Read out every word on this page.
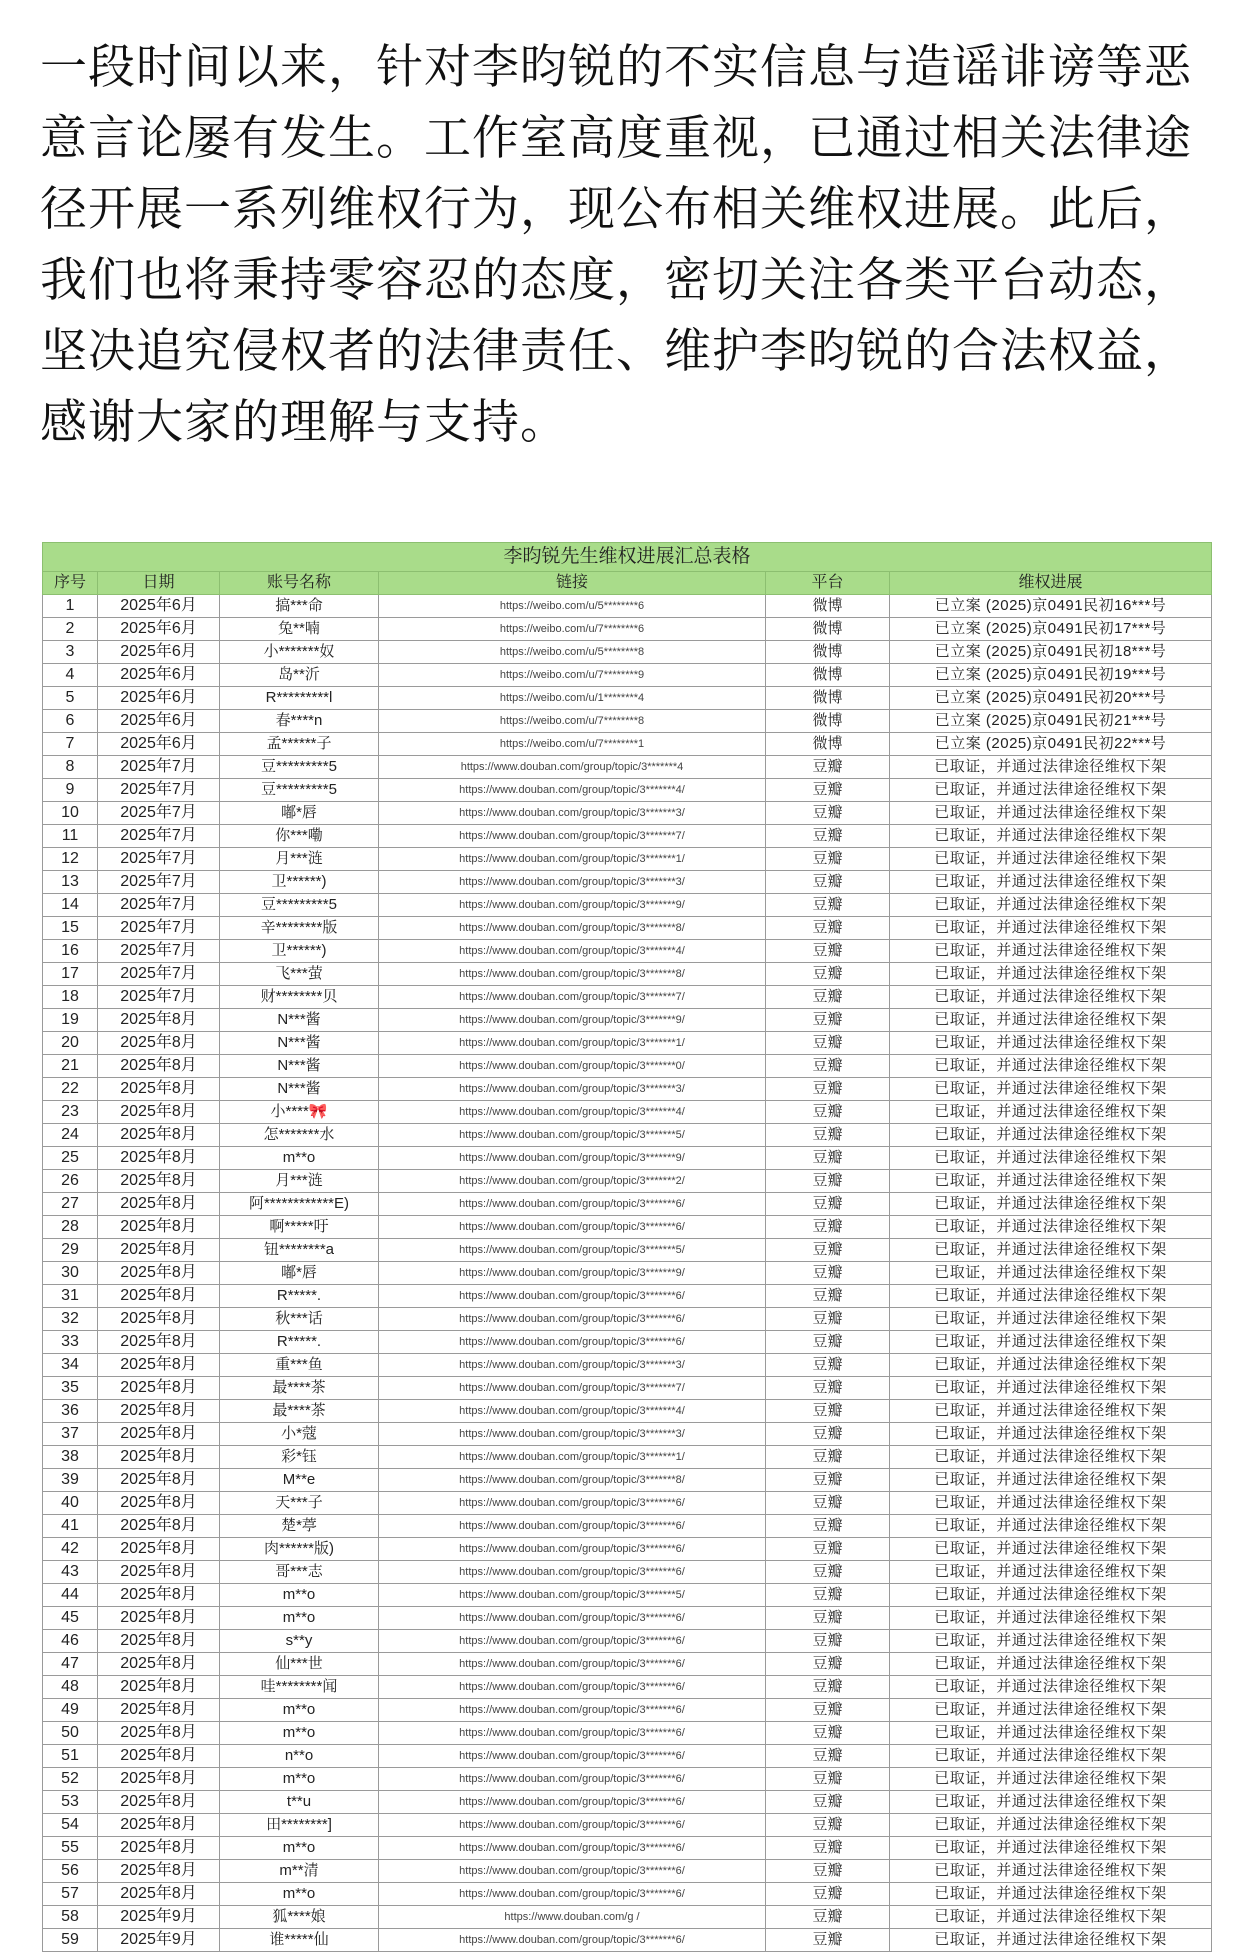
一段时间以来，针对李昀锐的不实信息与造谣诽谤等恶意言论屡有发生。工作室高度重视，已通过相关法律途径开展一系列维权行为，现公布相关维权进展。此后，我们也将秉持零容忍的态度，密切关注各类平台动态，坚决追究侵权者的法律责任、维护李昀锐的合法权益，感谢大家的理解与支持。

李昀锐先生维权进展汇总表格					
序号	日期	账号名称	链接	平台	维权进展
1	2025年6月	搞***命	https://weibo.com/u/5********6	微博	已立案 (2025)京0491民初16***号
2	2025年6月	兔**喃	https://weibo.com/u/7********6	微博	已立案 (2025)京0491民初17***号
3	2025年6月	小*******奴	https://weibo.com/u/5********8	微博	已立案 (2025)京0491民初18***号
4	2025年6月	岛**沂	https://weibo.com/u/7********9	微博	已立案 (2025)京0491民初19***号
5	2025年6月	R*********l	https://weibo.com/u/1********4	微博	已立案 (2025)京0491民初20***号
6	2025年6月	春****n	https://weibo.com/u/7********8	微博	已立案 (2025)京0491民初21***号
7	2025年6月	孟******子	https://weibo.com/u/7********1	微博	已立案 (2025)京0491民初22***号
8	2025年7月	豆*********5	https://www.douban.com/group/topic/3*******4	豆瓣	已取证，并通过法律途径维权下架
9	2025年7月	豆*********5	https://www.douban.com/group/topic/3*******4/	豆瓣	已取证，并通过法律途径维权下架
10	2025年7月	嘟*唇	https://www.douban.com/group/topic/3*******3/	豆瓣	已取证，并通过法律途径维权下架
11	2025年7月	你***嘞	https://www.douban.com/group/topic/3*******7/	豆瓣	已取证，并通过法律途径维权下架
12	2025年7月	月***涟	https://www.douban.com/group/topic/3*******1/	豆瓣	已取证，并通过法律途径维权下架
13	2025年7月	卫******)	https://www.douban.com/group/topic/3*******3/	豆瓣	已取证，并通过法律途径维权下架
14	2025年7月	豆*********5	https://www.douban.com/group/topic/3*******9/	豆瓣	已取证，并通过法律途径维权下架
15	2025年7月	辛********版	https://www.douban.com/group/topic/3*******8/	豆瓣	已取证，并通过法律途径维权下架
16	2025年7月	卫******)	https://www.douban.com/group/topic/3*******4/	豆瓣	已取证，并通过法律途径维权下架
17	2025年7月	飞***萤	https://www.douban.com/group/topic/3*******8/	豆瓣	已取证，并通过法律途径维权下架
18	2025年7月	财********贝	https://www.douban.com/group/topic/3*******7/	豆瓣	已取证，并通过法律途径维权下架
19	2025年8月	N***酱	https://www.douban.com/group/topic/3*******9/	豆瓣	已取证，并通过法律途径维权下架
20	2025年8月	N***酱	https://www.douban.com/group/topic/3*******1/	豆瓣	已取证，并通过法律途径维权下架
21	2025年8月	N***酱	https://www.douban.com/group/topic/3*******0/	豆瓣	已取证，并通过法律途径维权下架
22	2025年8月	N***酱	https://www.douban.com/group/topic/3*******3/	豆瓣	已取证，并通过法律途径维权下架
23	2025年8月	小****🎀	https://www.douban.com/group/topic/3*******4/	豆瓣	已取证，并通过法律途径维权下架
24	2025年8月	怎*******水	https://www.douban.com/group/topic/3*******5/	豆瓣	已取证，并通过法律途径维权下架
25	2025年8月	m**o	https://www.douban.com/group/topic/3*******9/	豆瓣	已取证，并通过法律途径维权下架
26	2025年8月	月***涟	https://www.douban.com/group/topic/3*******2/	豆瓣	已取证，并通过法律途径维权下架
27	2025年8月	阿************E)	https://www.douban.com/group/topic/3*******6/	豆瓣	已取证，并通过法律途径维权下架
28	2025年8月	啊*****吁	https://www.douban.com/group/topic/3*******6/	豆瓣	已取证，并通过法律途径维权下架
29	2025年8月	钮********a	https://www.douban.com/group/topic/3*******5/	豆瓣	已取证，并通过法律途径维权下架
30	2025年8月	嘟*唇	https://www.douban.com/group/topic/3*******9/	豆瓣	已取证，并通过法律途径维权下架
31	2025年8月	R*****.	https://www.douban.com/group/topic/3*******6/	豆瓣	已取证，并通过法律途径维权下架
32	2025年8月	秋***话	https://www.douban.com/group/topic/3*******6/	豆瓣	已取证，并通过法律途径维权下架
33	2025年8月	R*****.	https://www.douban.com/group/topic/3*******6/	豆瓣	已取证，并通过法律途径维权下架
34	2025年8月	重***鱼	https://www.douban.com/group/topic/3*******3/	豆瓣	已取证，并通过法律途径维权下架
35	2025年8月	最****茶	https://www.douban.com/group/topic/3*******7/	豆瓣	已取证，并通过法律途径维权下架
36	2025年8月	最****茶	https://www.douban.com/group/topic/3*******4/	豆瓣	已取证，并通过法律途径维权下架
37	2025年8月	小*蔻	https://www.douban.com/group/topic/3*******3/	豆瓣	已取证，并通过法律途径维权下架
38	2025年8月	彩*钰	https://www.douban.com/group/topic/3*******1/	豆瓣	已取证，并通过法律途径维权下架
39	2025年8月	M**e	https://www.douban.com/group/topic/3*******8/	豆瓣	已取证，并通过法律途径维权下架
40	2025年8月	天***子	https://www.douban.com/group/topic/3*******6/	豆瓣	已取证，并通过法律途径维权下架
41	2025年8月	楚*葶	https://www.douban.com/group/topic/3*******6/	豆瓣	已取证，并通过法律途径维权下架
42	2025年8月	肉******版)	https://www.douban.com/group/topic/3*******6/	豆瓣	已取证，并通过法律途径维权下架
43	2025年8月	哥***志	https://www.douban.com/group/topic/3*******6/	豆瓣	已取证，并通过法律途径维权下架
44	2025年8月	m**o	https://www.douban.com/group/topic/3*******5/	豆瓣	已取证，并通过法律途径维权下架
45	2025年8月	m**o	https://www.douban.com/group/topic/3*******6/	豆瓣	已取证，并通过法律途径维权下架
46	2025年8月	s**y	https://www.douban.com/group/topic/3*******6/	豆瓣	已取证，并通过法律途径维权下架
47	2025年8月	仙***世	https://www.douban.com/group/topic/3*******6/	豆瓣	已取证，并通过法律途径维权下架
48	2025年8月	哇********闻	https://www.douban.com/group/topic/3*******6/	豆瓣	已取证，并通过法律途径维权下架
49	2025年8月	m**o	https://www.douban.com/group/topic/3*******6/	豆瓣	已取证，并通过法律途径维权下架
50	2025年8月	m**o	https://www.douban.com/group/topic/3*******6/	豆瓣	已取证，并通过法律途径维权下架
51	2025年8月	n**o	https://www.douban.com/group/topic/3*******6/	豆瓣	已取证，并通过法律途径维权下架
52	2025年8月	m**o	https://www.douban.com/group/topic/3*******6/	豆瓣	已取证，并通过法律途径维权下架
53	2025年8月	t**u	https://www.douban.com/group/topic/3*******6/	豆瓣	已取证，并通过法律途径维权下架
54	2025年8月	田********]	https://www.douban.com/group/topic/3*******6/	豆瓣	已取证，并通过法律途径维权下架
55	2025年8月	m**o	https://www.douban.com/group/topic/3*******6/	豆瓣	已取证，并通过法律途径维权下架
56	2025年8月	m**清	https://www.douban.com/group/topic/3*******6/	豆瓣	已取证，并通过法律途径维权下架
57	2025年8月	m**o	https://www.douban.com/group/topic/3*******6/	豆瓣	已取证，并通过法律途径维权下架
58	2025年9月	狐****娘	https://www.douban.com/g /	豆瓣	已取证，并通过法律途径维权下架
59	2025年9月	谁*****仙	https://www.douban.com/group/topic/3*******6/	豆瓣	已取证，并通过法律途径维权下架
